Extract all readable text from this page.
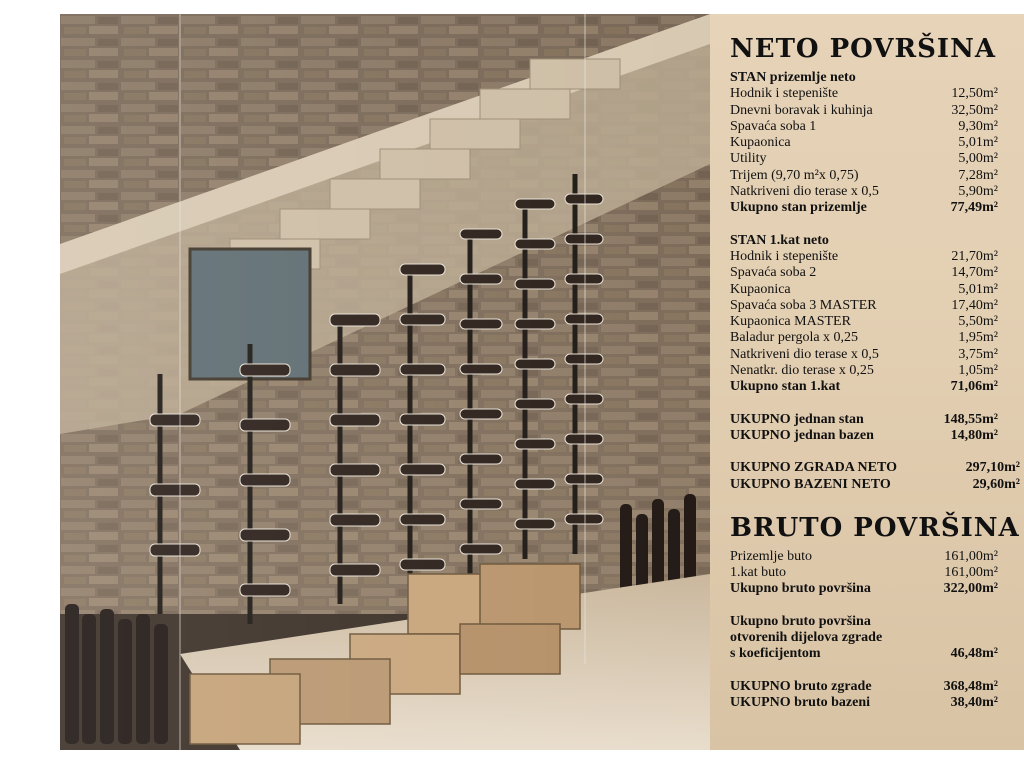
NETO POVRŠINA
STAN prizemlje neto
Hodnik i stepenište	12,50m²
Dnevni boravak i kuhinja	32,50m²
Spavaća soba 1	9,30m²
Kupaonica	5,01m²
Utility	5,00m²
Trijem (9,70 m²x 0,75)	7,28m²
Natkriveni dio terase x 0,5	5,90m²
Ukupno stan prizemlje	77,49m²
STAN 1.kat neto
Hodnik i stepenište	21,70m²
Spavaća soba 2	14,70m²
Kupaonica	5,01m²
Spavaća soba 3 MASTER	17,40m²
Kupaonica MASTER	5,50m²
Baladur pergola x 0,25	1,95m²
Natkriveni dio terase x 0,5	3,75m²
Nenatkr. dio terase x 0,25	1,05m²
Ukupno stan 1.kat	71,06m²
UKUPNO jednan stan	148,55m²
UKUPNO jednan bazen	14,80m²
UKUPNO ZGRADA NETO	297,10m²
UKUPNO BAZENI NETO	29,60m²
BRUTO POVRŠINA
Prizemlje buto	161,00m²
1.kat buto	161,00m²
Ukupno bruto površina	322,00m²
Ukupno bruto površina
otvorenih dijelova zgrade
s koeficijentom	46,48m²
UKUPNO bruto zgrade	368,48m²
UKUPNO bruto bazeni	38,40m²
